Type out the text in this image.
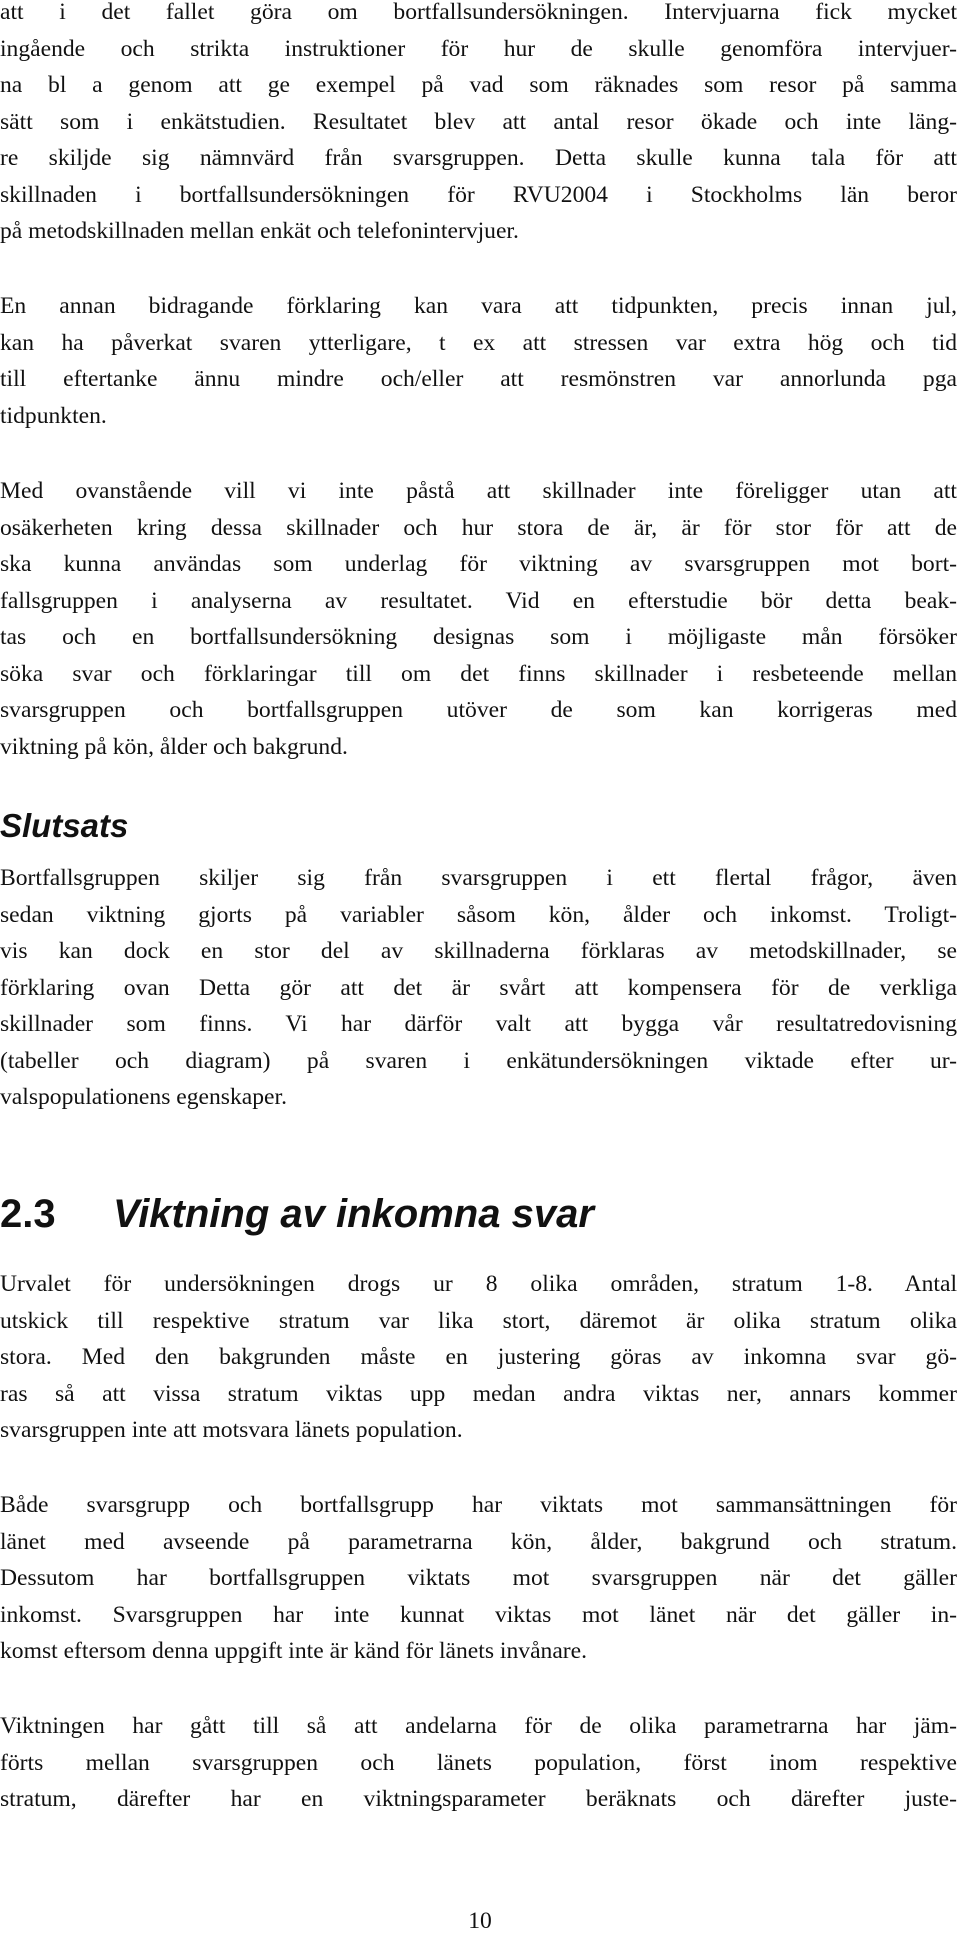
att i det fallet göra om bortfallsundersökningen. Intervjuarna fick mycket
ingående och strikta instruktioner för hur de skulle genomföra intervjuer-
na bl a genom att ge exempel på vad som räknades som resor på samma
sätt som i enkätstudien. Resultatet blev att antal resor ökade och inte läng-
re skiljde sig nämnvärd från svarsgruppen. Detta skulle kunna tala för att
skillnaden i bortfallsundersökningen för RVU2004 i Stockholms län beror
på metodskillnaden mellan enkät och telefonintervjuer.

En annan bidragande förklaring kan vara att tidpunkten, precis innan jul,
kan ha påverkat svaren ytterligare, t ex att stressen var extra hög och tid
till eftertanke ännu mindre och/eller att resmönstren var annorlunda pga
tidpunkten.

Med ovanstående vill vi inte påstå att skillnader inte föreligger utan att
osäkerheten kring dessa skillnader och hur stora de är, är för stor för att de
ska kunna användas som underlag för viktning av svarsgruppen mot bort-
fallsgruppen i analyserna av resultatet. Vid en efterstudie bör detta beak-
tas och en bortfallsundersökning designas som i möjligaste mån försöker
söka svar och förklaringar till om det finns skillnader i resbeteende mellan
svarsgruppen och bortfallsgruppen utöver de som kan korrigeras med
viktning på kön, ålder och bakgrund.

Slutsats

Bortfallsgruppen skiljer sig från svarsgruppen i ett flertal frågor, även
sedan viktning gjorts på variabler såsom kön, ålder och inkomst. Troligt-
vis kan dock en stor del av skillnaderna förklaras av metodskillnader, se
förklaring ovan Detta gör att det är svårt att kompensera för de verkliga
skillnader som finns. Vi har därför valt att bygga vår resultatredovisning
(tabeller och diagram) på svaren i enkätundersökningen viktade efter ur-
valspopulationens egenskaper.

2.3 Viktning av inkomna svar

Urvalet för undersökningen drogs ur 8 olika områden, stratum 1-8. Antal
utskick till respektive stratum var lika stort, däremot är olika stratum olika
stora. Med den bakgrunden måste en justering göras av inkomna svar gö-
ras så att vissa stratum viktas upp medan andra viktas ner, annars kommer
svarsgruppen inte att motsvara länets population.

Både svarsgrupp och bortfallsgrupp har viktats mot sammansättningen för
länet med avseende på parametrarna kön, ålder, bakgrund och stratum.
Dessutom har bortfallsgruppen viktats mot svarsgruppen när det gäller
inkomst. Svarsgruppen har inte kunnat viktas mot länet när det gäller in-
komst eftersom denna uppgift inte är känd för länets invånare.

Viktningen har gått till så att andelarna för de olika parametrarna har jäm-
förts mellan svarsgruppen och länets population, först inom respektive
stratum, därefter har en viktningsparameter beräknats och därefter juste-

10
